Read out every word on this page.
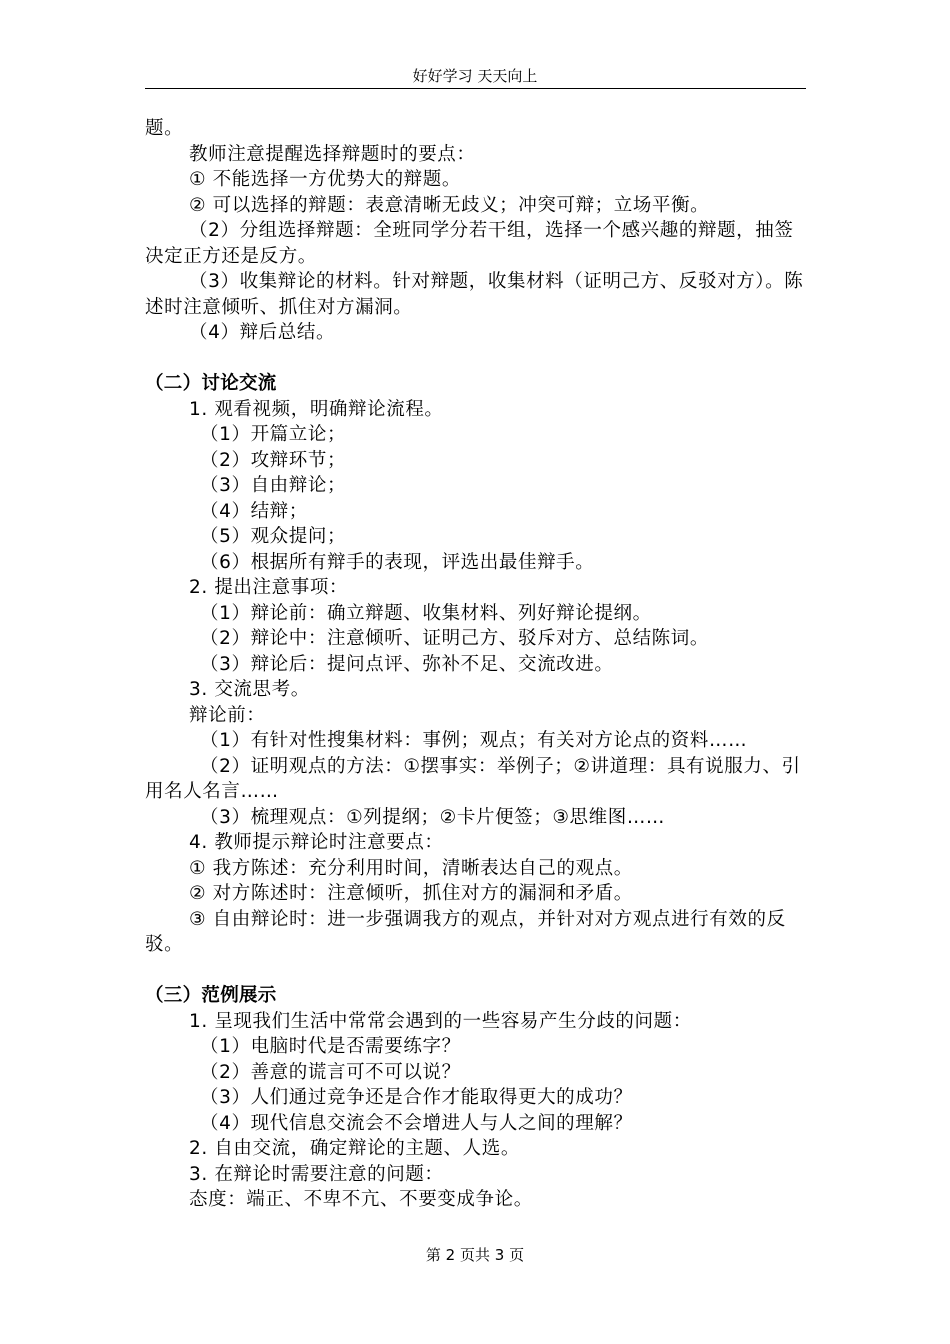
好好学习 天天向上

题。

教师注意提醒选择辩题时的要点：

① 不能选择一方优势大的辩题。

② 可以选择的辩题：表意清晰无歧义；冲突可辩；立场平衡。

（2）分组选择辩题：全班同学分若干组，选择一个感兴趣的辩题，抽签决定正方还是反方。

（3）收集辩论的材料。针对辩题，收集材料（证明己方、反驳对方）。陈述时注意倾听、抓住对方漏洞。

（4）辩后总结。

（二）讨论交流

1. 观看视频，明确辩论流程。

（1）开篇立论；

（2）攻辩环节；

（3）自由辩论；

（4）结辩；

（5）观众提问；

（6）根据所有辩手的表现，评选出最佳辩手。

2. 提出注意事项：

（1）辩论前：确立辩题、收集材料、列好辩论提纲。

（2）辩论中：注意倾听、证明己方、驳斥对方、总结陈词。

（3）辩论后：提问点评、弥补不足、交流改进。

3. 交流思考。

辩论前：

（1）有针对性搜集材料：事例；观点；有关对方论点的资料……

（2）证明观点的方法：①摆事实：举例子；②讲道理：具有说服力、引用名人名言……

（3）梳理观点：①列提纲；②卡片便签；③思维图……

4. 教师提示辩论时注意要点：

① 我方陈述：充分利用时间，清晰表达自己的观点。

② 对方陈述时：注意倾听，抓住对方的漏洞和矛盾。

③ 自由辩论时：进一步强调我方的观点，并针对对方观点进行有效的反驳。

（三）范例展示

1. 呈现我们生活中常常会遇到的一些容易产生分歧的问题：

（1）电脑时代是否需要练字？

（2）善意的谎言可不可以说？

（3）人们通过竞争还是合作才能取得更大的成功？

（4）现代信息交流会不会增进人与人之间的理解？

2. 自由交流，确定辩论的主题、人选。

3. 在辩论时需要注意的问题：

态度：端正、不卑不亢、不要变成争论。

第 2 页共 3 页
